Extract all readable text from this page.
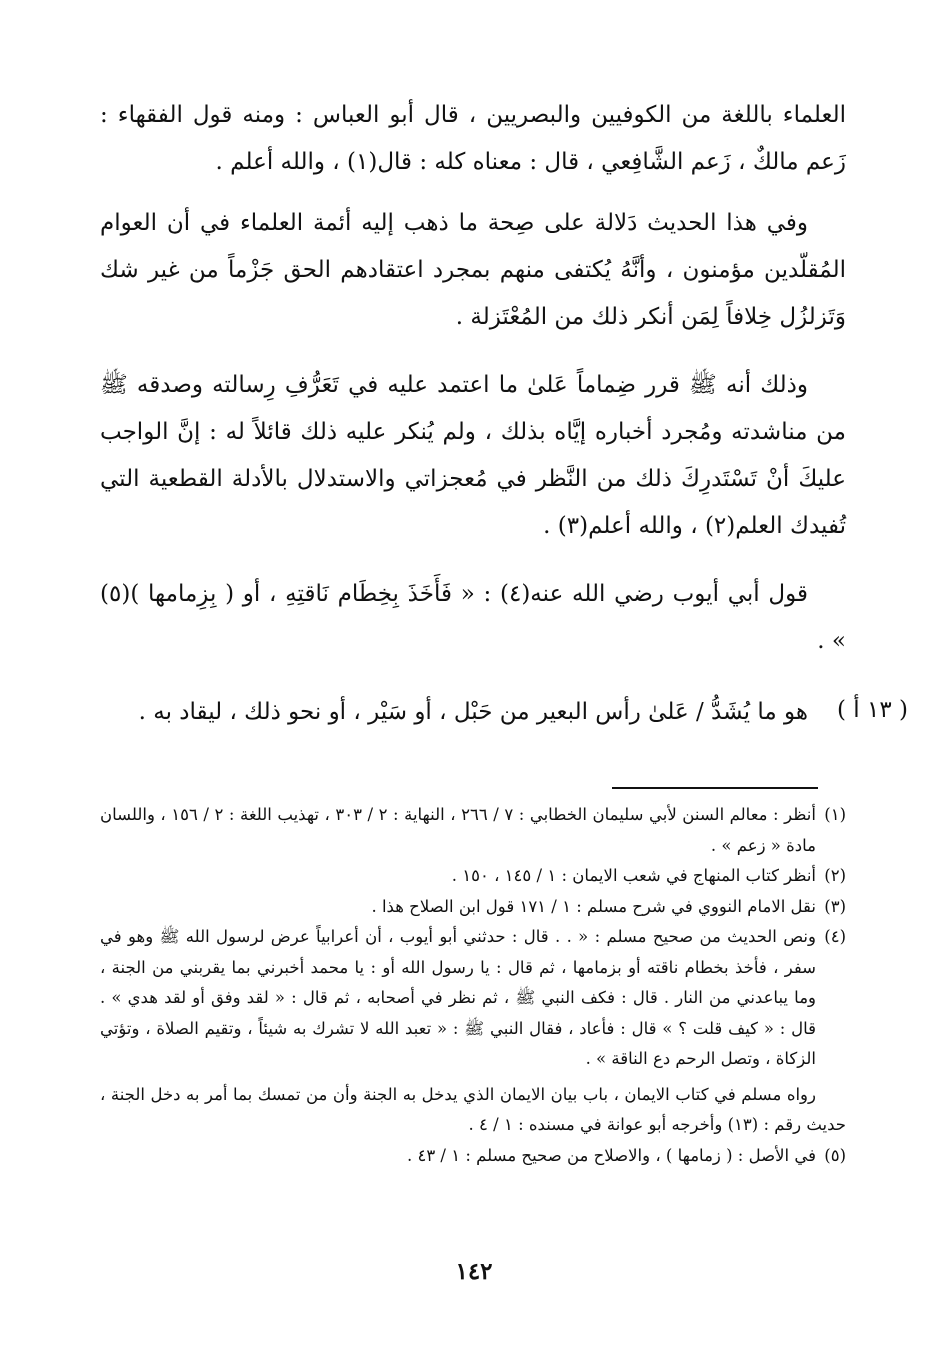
العلماء باللغة من الكوفيين والبصريين ، قال أبو العباس : ومنه قول الفقهاء : زَعم مالكٌ ، زَعم الشَّافِعي ، قال : معناه كله : قال(١) ، والله أعلم .

وفي هذا الحديث دَلالة على صِحة ما ذهب إليه أئمة العلماء في أن العوام المُقلّدين مؤمنون ، وأنَّهُ يُكتفى منهم بمجرد اعتقادهم الحق جَزْماً من غير شك وَتَزلزُل خِلافاً لِمَن أنكر ذلك من المُعْتَزلة .

وذلك أنه ﷺ قرر ضِماماً عَلىٰ ما اعتمد عليه في تَعَرُّفِ رِسالته وصدقه ﷺ من مناشدته ومُجرد أخباره إيَّاه بذلك ، ولم يُنكر عليه ذلك قائلاً له : إنَّ الواجب عليكَ أنْ تَسْتَدرِكَ ذلك من النَّظر في مُعجزاتي والاستدلال بالأدلة القطعية التي تُفيدك العلم(٢) ، والله أعلم(٣) .

قول أبي أيوب رضي الله عنه(٤) : « فَأَخَذَ بِخِطَام نَاقتِهِ ، أو ( بِزِمامها )(٥) » .

هو ما يُشَدُّ / عَلىٰ رأس البعير من حَبْل ، أو سَيْر ، أو نحو ذلك ، ليقاد به .	( ١٣ أ )

(١)
أنظر : معالم السنن لأبي سليمان الخطابي : ٧ / ٢٦٦ ، النهاية : ٢ / ٣٠٣ ، تهذيب اللغة : ٢ / ١٥٦ ، واللسان مادة « زعم » .

(٢)
أنظر كتاب المنهاج في شعب الايمان : ١ / ١٤٥ ، ١٥٠ .

(٣)
نقل الامام النووي في شرح مسلم : ١ / ١٧١ قول ابن الصلاح هذا .

(٤)
ونص الحديث من صحيح مسلم : « . . قال : حدثني أبو أيوب ، أن أعرابياً عرض لرسول الله ﷺ وهو في سفر ، فأخذ بخطام ناقته أو بزمامها ، ثم قال : يا رسول الله أو : يا محمد أخبرني بما يقربني من الجنة ، وما يباعدني من النار . قال : فكف النبي ﷺ ، ثم نظر في أصحابه ، ثم قال : « لقد وفق أو لقد هدي » . قال : « كيف قلت ؟ » قال : فأعاد ، فقال النبي ﷺ : « تعبد الله لا تشرك به شيئاً ، وتقيم الصلاة ، وتؤتي الزكاة ، وتصل الرحم دع الناقة » .

رواه مسلم في كتاب الايمان ، باب بيان الايمان الذي يدخل به الجنة وأن من تمسك بما أمر به دخل الجنة ، حديث رقم : (١٣) وأخرجه أبو عوانة في مسنده : ١ / ٤ .

(٥)
في الأصل : ( زمامها ) ، والاصلاح من صحيح مسلم : ١ / ٤٣ .

١٤٢
